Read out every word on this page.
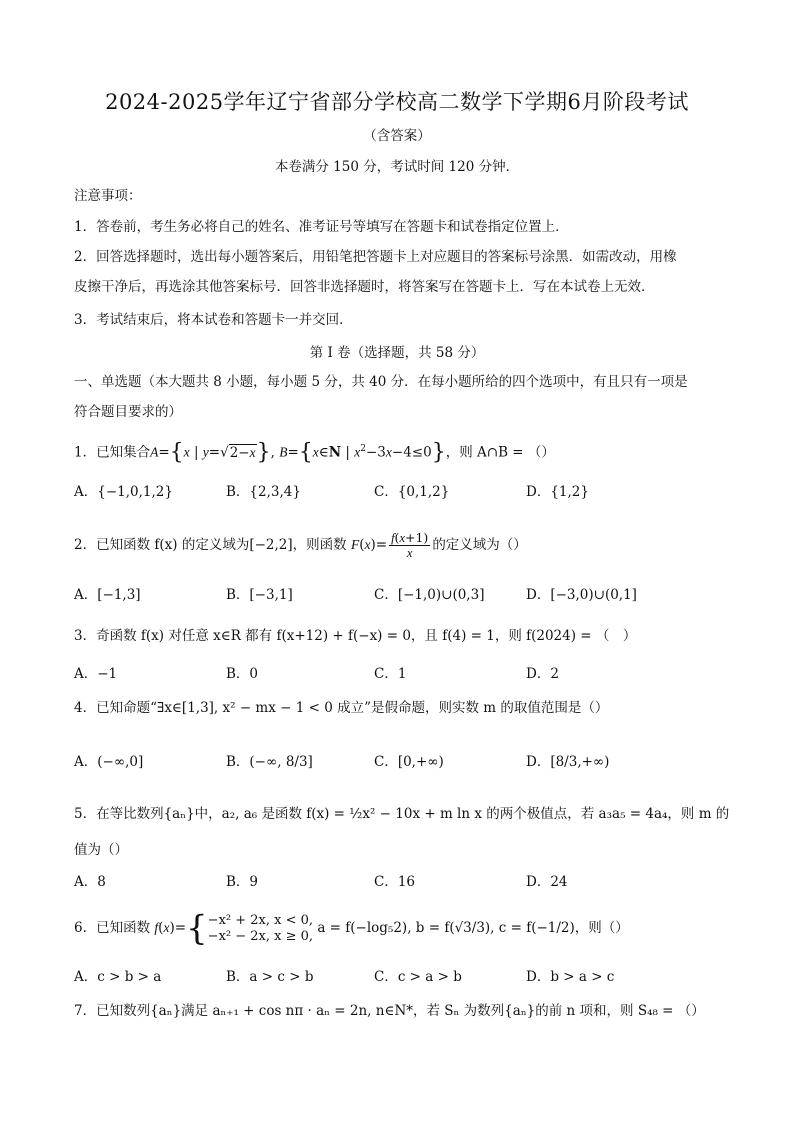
2024-2025学年辽宁省部分学校高二数学下学期6月阶段考试
（含答案）
本卷满分 150 分，考试时间 120 分钟．
注意事项：
1．答卷前，考生务必将自己的姓名、准考证号等填写在答题卡和试卷指定位置上．
2．回答选择题时，选出每小题答案后，用铅笔把答题卡上对应题目的答案标号涂黑．如需改动，用橡
皮擦干净后，再选涂其他答案标号．回答非选择题时，将答案写在答题卡上．写在本试卷上无效．
3．考试结束后，将本试卷和答题卡一并交回．
第 I 卷（选择题，共 58 分）
一、单选题（本大题共 8 小题，每小题 5 分，共 40 分．在每小题所给的四个选项中，有且只有一项是
符合题目要求的）
1．已知集合A={x | y=√2−x}, B={x∈N | $x^2-3x-4\le 0$}，则 A∩B = （）
A．{−1,0,1,2}	B．{2,3,4}	C．{0,1,2}	D．{1,2}
2．已知函数 f(x) 的定义域为[−2,2]，则函数 $F(x)= \frac{f(x+1)}{x}$ 的定义域为（）
A．[−1,3]	B．[−3,1]	C．[−1,0)∪(0,3]	D．[−3,0)∪(0,1]
3．奇函数 f(x) 对任意 x∈R 都有 f(x+12) + f(−x) = 0，且 f(4) = 1，则 f(2024) = （　）
A．−1	B．0	C．1	D．2
4．已知命题“∃x∈[1,3], x² − mx − 1 < 0 成立”是假命题，则实数 m 的取值范围是（）
A．(−∞,0]	B．(−∞, 8/3]	C．[0,+∞)	D．[8/3,+∞)
5．在等比数列{aₙ}中，a₂, a₆ 是函数 f(x) = ½x² − 10x + m ln x 的两个极值点，若 a₃a₅ = 4a₄，则 m 的
值为（）
A．8	B．9	C．16	D．24
6．已知函数 f(x)={ −x² + 2x, x < 0,
−x² − 2x, x ≥ 0, a = f(−log₅2), b = f(√3/3), c = f(−1/2)，则（）
A．c > b > a	B．a > c > b	C．c > a > b	D．b > a > c
7．已知数列{aₙ}满足 aₙ₊₁ + cos nπ · aₙ = 2n, n∈N*，若 Sₙ 为数列{aₙ}的前 n 项和，则 S₄₈ = （）
